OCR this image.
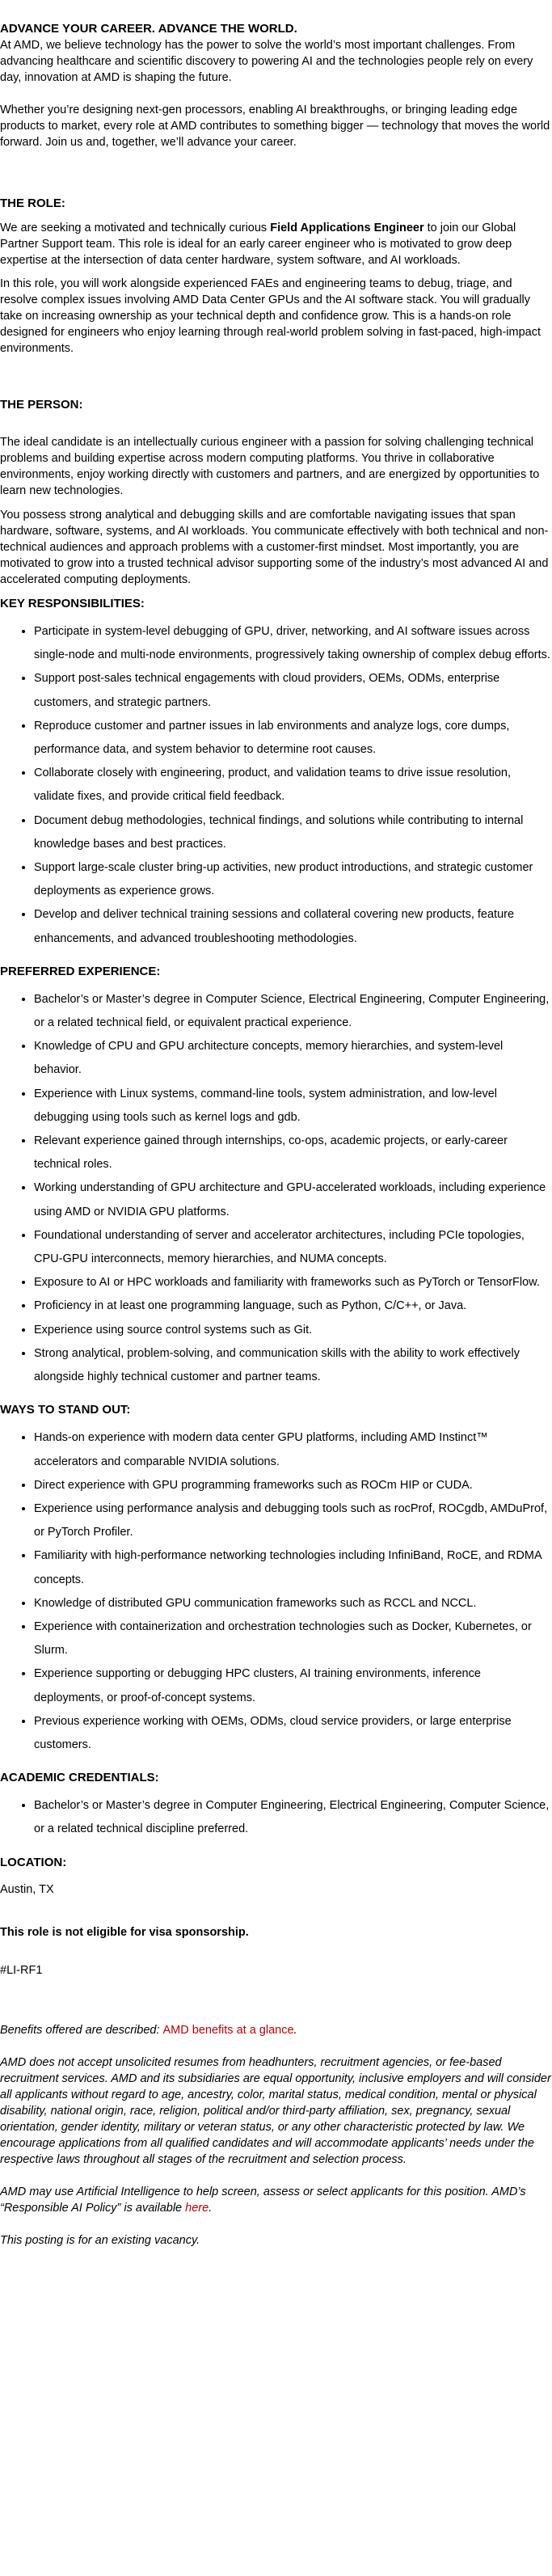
ADVANCE YOUR CAREER. ADVANCE THE WORLD.

At AMD, we believe technology has the power to solve the world’s most important challenges. From advancing healthcare and scientific discovery to powering AI and the technologies people rely on every day, innovation at AMD is shaping the future.

Whether you’re designing next-gen processors, enabling AI breakthroughs, or bringing leading edge products to market, every role at AMD contributes to something bigger — technology that moves the world forward. Join us and, together, we’ll advance your career.

THE ROLE:

We are seeking a motivated and technically curious Field Applications Engineer to join our Global Partner Support team. This role is ideal for an early career engineer who is motivated to grow deep expertise at the intersection of data center hardware, system software, and AI workloads.

In this role, you will work alongside experienced FAEs and engineering teams to debug, triage, and resolve complex issues involving AMD Data Center GPUs and the AI software stack. You will gradually take on increasing ownership as your technical depth and confidence grow. This is a hands-on role designed for engineers who enjoy learning through real-world problem solving in fast-paced, high-impact environments.

THE PERSON:

The ideal candidate is an intellectually curious engineer with a passion for solving challenging technical problems and building expertise across modern computing platforms. You thrive in collaborative environments, enjoy working directly with customers and partners, and are energized by opportunities to learn new technologies.

You possess strong analytical and debugging skills and are comfortable navigating issues that span hardware, software, systems, and AI workloads. You communicate effectively with both technical and non-technical audiences and approach problems with a customer-first mindset. Most importantly, you are motivated to grow into a trusted technical advisor supporting some of the industry’s most advanced AI and accelerated computing deployments.

KEY RESPONSIBILITIES:

• Participate in system-level debugging of GPU, driver, networking, and AI software issues across single-node and multi-node environments, progressively taking ownership of complex debug efforts.
• Support post-sales technical engagements with cloud providers, OEMs, ODMs, enterprise customers, and strategic partners.
• Reproduce customer and partner issues in lab environments and analyze logs, core dumps, performance data, and system behavior to determine root causes.
• Collaborate closely with engineering, product, and validation teams to drive issue resolution, validate fixes, and provide critical field feedback.
• Document debug methodologies, technical findings, and solutions while contributing to internal knowledge bases and best practices.
• Support large-scale cluster bring-up activities, new product introductions, and strategic customer deployments as experience grows.
• Develop and deliver technical training sessions and collateral covering new products, feature enhancements, and advanced troubleshooting methodologies.

PREFERRED EXPERIENCE:

• Bachelor’s or Master’s degree in Computer Science, Electrical Engineering, Computer Engineering, or a related technical field, or equivalent practical experience.
• Knowledge of CPU and GPU architecture concepts, memory hierarchies, and system-level behavior.
• Experience with Linux systems, command-line tools, system administration, and low-level debugging using tools such as kernel logs and gdb.
• Relevant experience gained through internships, co-ops, academic projects, or early-career technical roles.
• Working understanding of GPU architecture and GPU-accelerated workloads, including experience using AMD or NVIDIA GPU platforms.
• Foundational understanding of server and accelerator architectures, including PCIe topologies, CPU-GPU interconnects, memory hierarchies, and NUMA concepts.
• Exposure to AI or HPC workloads and familiarity with frameworks such as PyTorch or TensorFlow.
• Proficiency in at least one programming language, such as Python, C/C++, or Java.
• Experience using source control systems such as Git.
• Strong analytical, problem-solving, and communication skills with the ability to work effectively alongside highly technical customer and partner teams.

WAYS TO STAND OUT:

• Hands-on experience with modern data center GPU platforms, including AMD Instinct™ accelerators and comparable NVIDIA solutions.
• Direct experience with GPU programming frameworks such as ROCm HIP or CUDA.
• Experience using performance analysis and debugging tools such as rocProf, ROCgdb, AMDuProf, or PyTorch Profiler.
• Familiarity with high-performance networking technologies including InfiniBand, RoCE, and RDMA concepts.
• Knowledge of distributed GPU communication frameworks such as RCCL and NCCL.
• Experience with containerization and orchestration technologies such as Docker, Kubernetes, or Slurm.
• Experience supporting or debugging HPC clusters, AI training environments, inference deployments, or proof-of-concept systems.
• Previous experience working with OEMs, ODMs, cloud service providers, or large enterprise customers.

ACADEMIC CREDENTIALS:

• Bachelor’s or Master’s degree in Computer Engineering, Electrical Engineering, Computer Science, or a related technical discipline preferred.

LOCATION:

Austin, TX

This role is not eligible for visa sponsorship.

#LI-RF1

Benefits offered are described: AMD benefits at a glance.

AMD does not accept unsolicited resumes from headhunters, recruitment agencies, or fee-based recruitment services. AMD and its subsidiaries are equal opportunity, inclusive employers and will consider all applicants without regard to age, ancestry, color, marital status, medical condition, mental or physical disability, national origin, race, religion, political and/or third-party affiliation, sex, pregnancy, sexual orientation, gender identity, military or veteran status, or any other characteristic protected by law. We encourage applications from all qualified candidates and will accommodate applicants’ needs under the respective laws throughout all stages of the recruitment and selection process.

AMD may use Artificial Intelligence to help screen, assess or select applicants for this position. AMD’s “Responsible AI Policy” is available here.

This posting is for an existing vacancy.
